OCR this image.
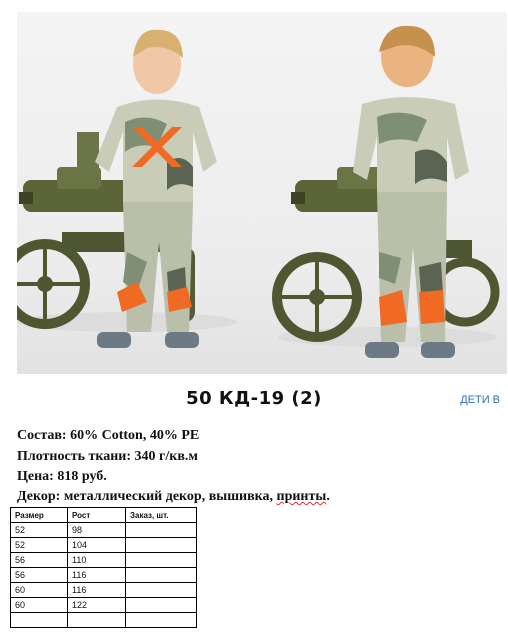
50 КД-19 (2)	ДЕТИ В
Состав: 60% Cotton, 40% PE
Плотность ткани: 340 г/кв.м
Цена: 818 руб.
Декор: металлический декор, вышивка, принты.
Размер	Рост	Заказ, шт.
52	98	
52	104	
56	110	
56	116	
60	116	
60	122	
